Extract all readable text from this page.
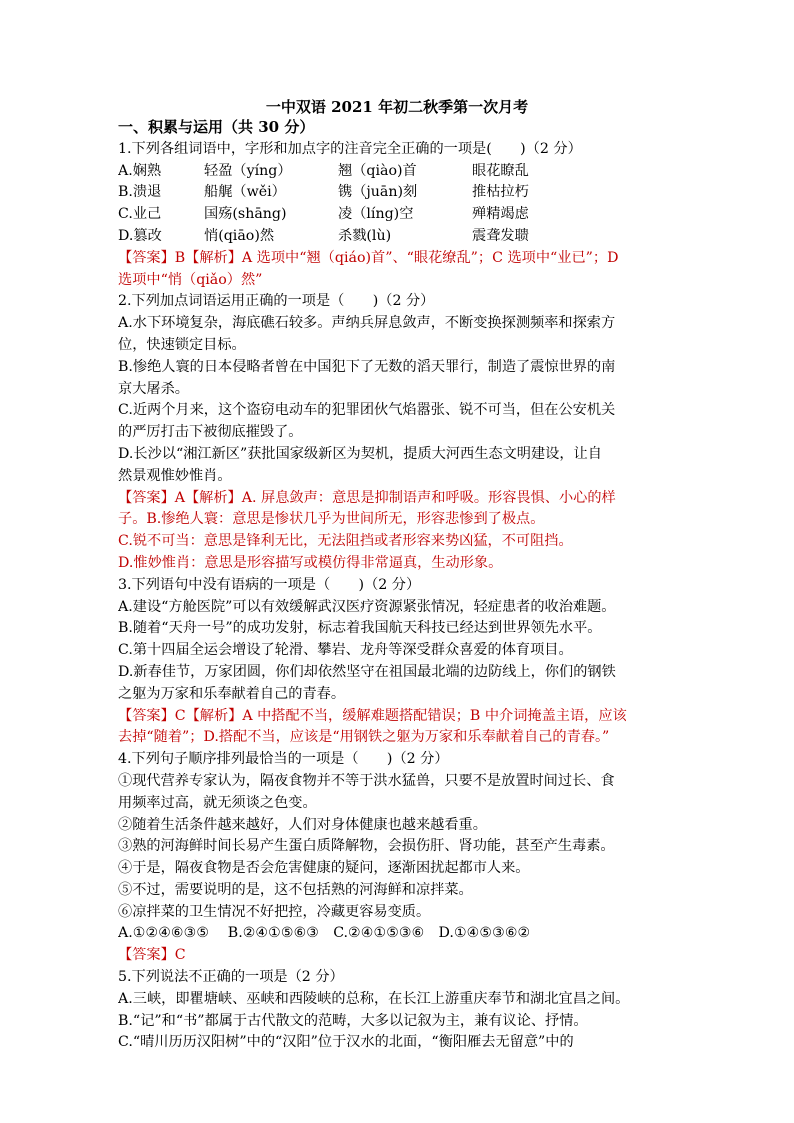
一中双语 2021 年初二秋季第一次月考
一、积累与运用（共 30 分）
1.下列各组词语中，字形和加点字的注音完全正确的一项是(　　)（2 分）
A.娴熟	轻盈（yíng）	翘（qiào)首	眼花瞭乱
B.溃退	船艉（wěi）	镌（juān)刻	推枯拉朽
C.业己	国殇(shāng)	凌（líng)空	殚精竭虑
D.篡改	悄(qiāo)然	杀戮(lù)	震聋发聩
【答案】B【解析】A 选项中“翘（qiáo)首”、“眼花缭乱”；C 选项中“业已”；D
选项中“悄（qiǎo）然”
2.下列加点词语运用正确的一项是（　　)（2 分）
A.水下环境复杂，海底礁石较多。声纳兵屏息敛声，不断变换探测频率和探索方
位，快速锁定目标。
B.惨绝人寰的日本侵略者曾在中国犯下了无数的滔天罪行，制造了震惊世界的南
京大屠杀。
C.近两个月来，这个盗窃电动车的犯罪团伙气焰嚣张、锐不可当，但在公安机关
的严厉打击下被彻底摧毁了。
D.长沙以“湘江新区”获批国家级新区为契机，提质大河西生态文明建设，让自
然景观惟妙惟肖。
【答案】A【解析】A. 屏息敛声：意思是抑制语声和呼吸。形容畏惧、小心的样
子。B.惨绝人寰：意思是惨状几乎为世间所无，形容悲惨到了极点。
C.锐不可当：意思是锋利无比，无法阻挡或者形容来势凶猛，不可阻挡。
D.惟妙惟肖：意思是形容描写或模仿得非常逼真，生动形象。
3.下列语句中没有语病的一项是（　　)（2 分）
A.建设“方舱医院”可以有效缓解武汉医疗资源紧张情况，轻症患者的收治难题。
B.随着“天舟一号”的成功发射，标志着我国航天科技已经达到世界领先水平。
C.第十四届全运会增设了轮滑、攀岩、龙舟等深受群众喜爱的体育项目。
D.新春佳节，万家团圆，你们却依然坚守在祖国最北端的边防线上，你们的钢铁
之躯为万家和乐奉献着自己的青春。
【答案】C【解析】A 中搭配不当，缓解难题搭配错误；B 中介词掩盖主语，应该
去掉“随着”；D.搭配不当，应该是“用钢铁之躯为万家和乐奉献着自己的青春。”
4.下列句子顺序排列最恰当的一项是（　　)（2 分）
①现代营养专家认为，隔夜食物并不等于洪水猛兽，只要不是放置时间过长、食
用频率过高，就无须谈之色变。
②随着生活条件越来越好，人们对身体健康也越来越看重。
③熟的河海鲜时间长易产生蛋白质降解物，会损伤肝、肾功能，甚至产生毒素。
④于是，隔夜食物是否会危害健康的疑问，逐渐困扰起都市人来。
⑤不过，需要说明的是，这不包括熟的河海鲜和凉拌菜。
⑥凉拌菜的卫生情况不好把控，冷藏更容易变质。
A.①②④⑥③⑤　 B.②④①⑤⑥③　C.②④①⑤③⑥　D.①④⑤③⑥②
【答案】C
5.下列说法不正确的一项是（2 分）
A.三峡，即瞿塘峡、巫峡和西陵峡的总称，在长江上游重庆奉节和湖北宜昌之间。
B.“记”和“书”都属于古代散文的范畴，大多以记叙为主，兼有议论、抒情。
C.“晴川历历汉阳树”中的“汉阳”位于汉水的北面，“衡阳雁去无留意”中的
